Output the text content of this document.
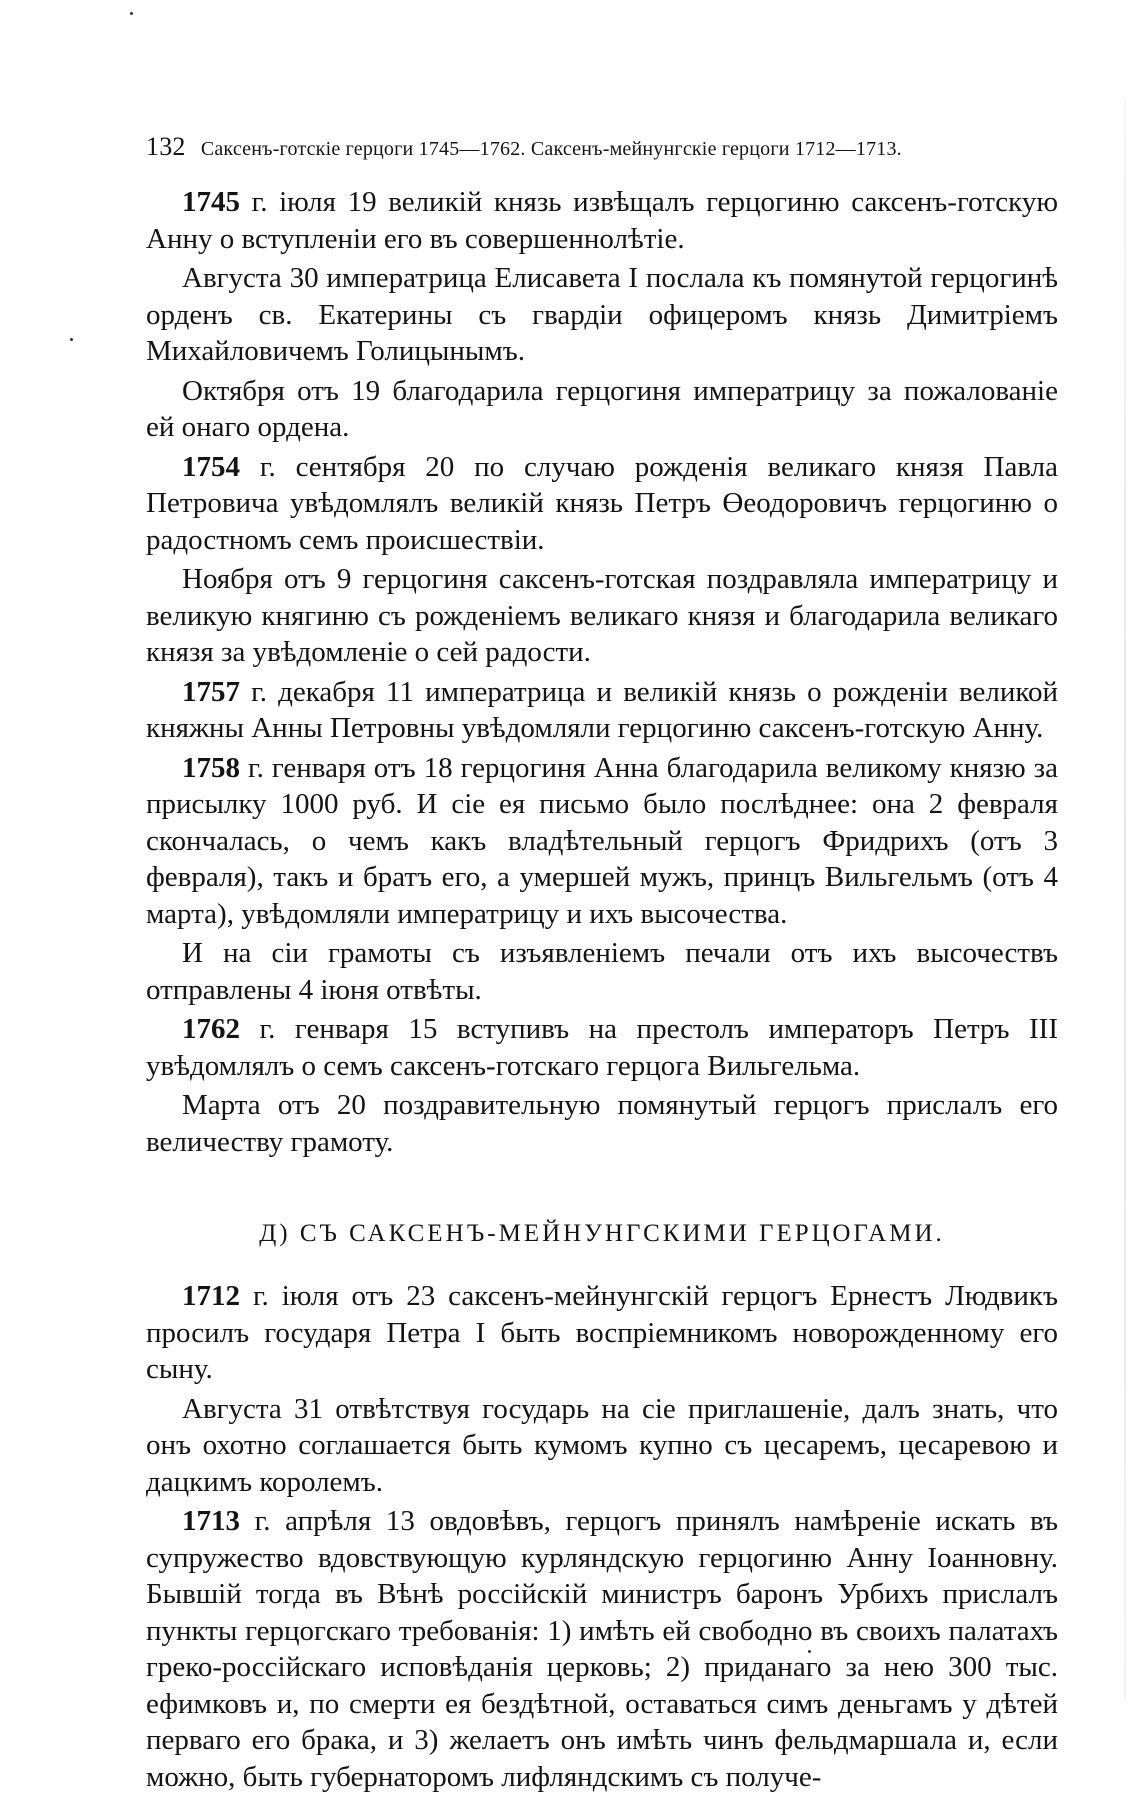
132 Саксенъ-готскіе герцоги 1745—1762. Саксенъ-мейнунгскіе герцоги 1712—1713.

1745 г. іюля 19 великій князь извѣщалъ герцогиню саксенъ-готскую Анну о вступленіи его въ совершеннолѣтіе.

Августа 30 императрица Елисавета I послала къ помянутой герцогинѣ орденъ св. Екатерины съ гвардіи офицеромъ князь Димитріемъ Михайловичемъ Голицынымъ.

Октября отъ 19 благодарила герцогиня императрицу за пожалованіе ей онаго ордена.

1754 г. сентября 20 по случаю рожденія великаго князя Павла Петровича увѣдомлялъ великій князь Петръ Өеодоровичъ герцогиню о радостномъ семъ происшествіи.

Ноября отъ 9 герцогиня саксенъ-готская поздравляла императрицу и великую княгиню съ рожденіемъ великаго князя и благодарила великаго князя за увѣдомленіе о сей радости.

1757 г. декабря 11 императрица и великій князь о рожденіи великой княжны Анны Петровны увѣдомляли герцогиню саксенъ-готскую Анну.

1758 г. генваря отъ 18 герцогиня Анна благодарила великому князю за присылку 1000 руб. И сіе ея письмо было послѣднее: она 2 февраля скончалась, о чемъ какъ владѣтельный герцогъ Фридрихъ (отъ 3 февраля), такъ и братъ его, а умершей мужъ, принцъ Вильгельмъ (отъ 4 марта), увѣдомляли императрицу и ихъ высочества.

И на сіи грамоты съ изъявленіемъ печали отъ ихъ высочествъ отправлены 4 іюня отвѣты.

1762 г. генваря 15 вступивъ на престолъ императоръ Петръ III увѣдомлялъ о семъ саксенъ-готскаго герцога Вильгельма.

Марта отъ 20 поздравительную помянутый герцогъ прислалъ его величеству грамоту.

Д) СЪ САКСЕНЪ-МЕЙНУНГСКИМИ ГЕРЦОГАМИ.

1712 г. іюля отъ 23 саксенъ-мейнунгскій герцогъ Ернестъ Людвикъ просилъ государя Петра I быть воспріемникомъ новорожденному его сыну.

Августа 31 отвѣтствуя государь на сіе приглашеніе, далъ знать, что онъ охотно соглашается быть кумомъ купно съ цесаремъ, цесаревою и дацкимъ королемъ.

1713 г. апрѣля 13 овдовѣвъ, герцогъ принялъ намѣреніе искать въ супружество вдовствующую курляндскую герцогиню Анну Іоанновну. Бывшій тогда въ Вѣнѣ россійскій министръ баронъ Урбихъ прислалъ пункты герцогскаго требованія: 1) имѣть ей свободно въ своихъ палатахъ греко-россійскаго исповѣданія церковь; 2) приданаго за нею 300 тыс. ефимковъ и, по смерти ея бездѣтной, оставаться симъ деньгамъ у дѣтей перваго его брака, и 3) желаетъ онъ имѣть чинъ фельдмаршала и, если можно, быть губернаторомъ лифляндскимъ съ получе-
